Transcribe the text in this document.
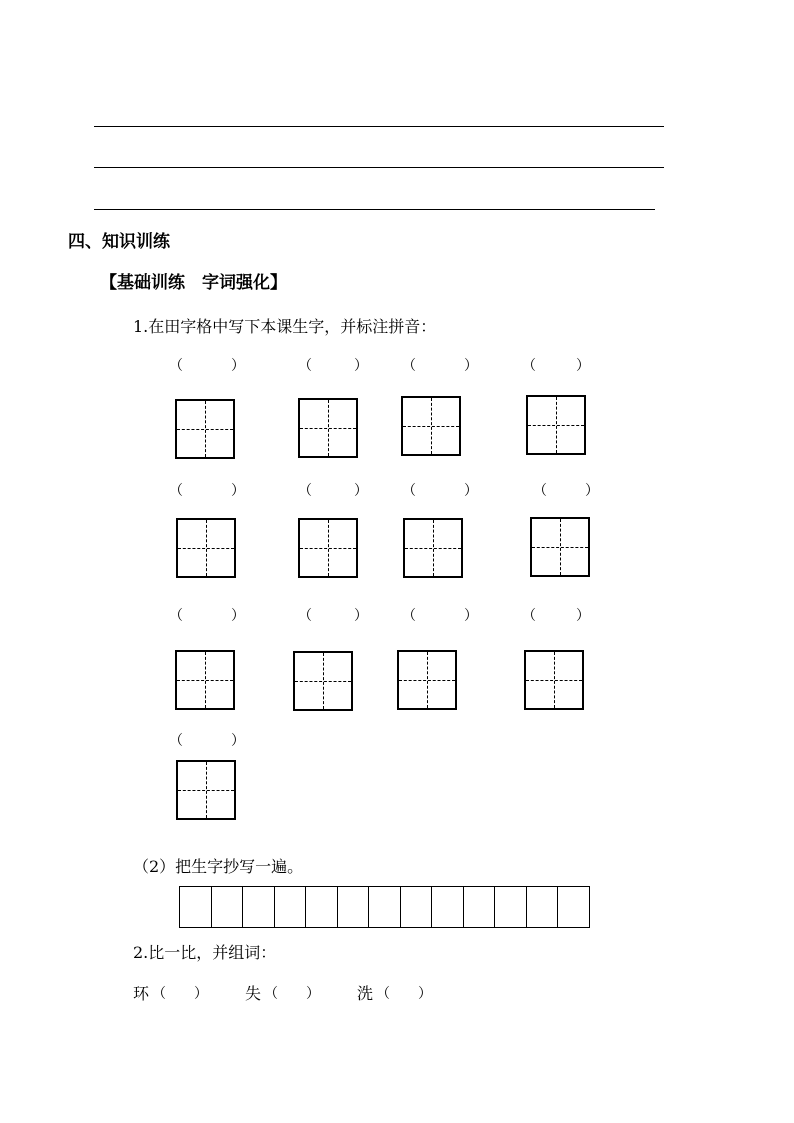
四、知识训练
【基础训练　字词强化】
1.在田字格中写下本课生字，并标注拼音：
（	）	（	） （	）	（	）
（	）	（	） （	）	（	）
（	）	（	） （	）	（	）
（	）
（2）把生字抄写一遍。
2.比一比，并组词：
环 （　　） 失 （　　） 洗 （　　）
